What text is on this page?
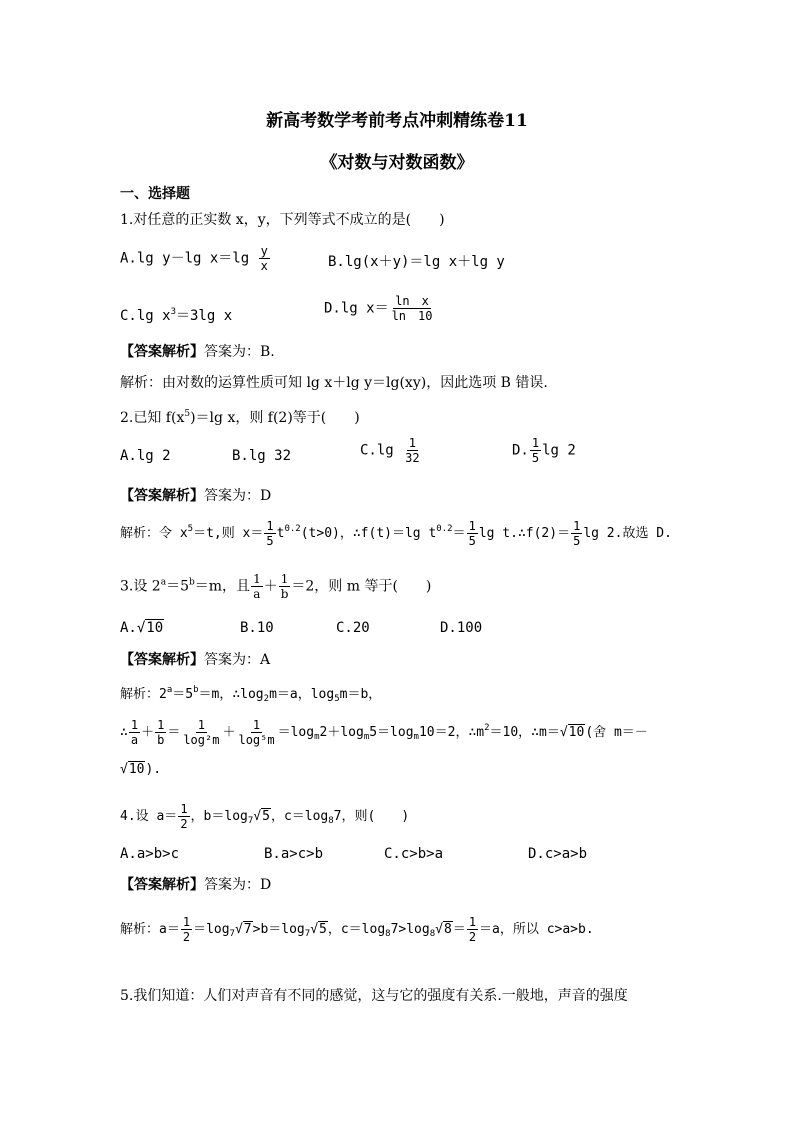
新高考数学考前考点冲刺精练卷11
《对数与对数函数》
一、选择题
1.对任意的正实数 x，y，下列等式不成立的是(　　)
A.lg y－lg $x=\lg \frac{y}{x}$	B.lg(x＋y)＝lg x＋lg y
C.lg $x^3=3\lg$ x	D.lg $x= \frac{\text{ln　x}}{\ln 10}$
【答案解析】答案为：B.
解析：由对数的运算性质可知 lg x＋lg y＝lg(xy)，因此选项 B 错误.
2.已知 $f(x^5)=\lg$ x，则 f(2)等于(　　)
A.lg 2	B.lg 32	$C.\lg \frac{1}{32}$	D. $\frac{1}{5}$ lg 2
【答案解析】答案为：D
解析：令 $x^5=t$,则 $x= \frac{1}{5} t^{0.2}(t>0)$，∴f(t)＝lg $t^{0.2}= \frac{1}{5}$ lg t.∴f(2)＝ $\frac{1}{5}$ lg 2.故选 D.
3.设 $2^a=5^b=m$，且 $\frac{1}{a} + \frac{1}{b} =2$，则 m 等于(　　)
A.√10	B.10	C.20	D.100
【答案解析】答案为：A
解析：$2^a=5^b=m$，$\therefore\log_2m=a$，$\log_5m=b$，
∴ $\frac{1}{a} + \frac{1}{b} = \frac{1}{\text{log²m}} + \frac{1}{\text{log⁵m}} =\log_m2+\log_m5=\log_m10=2$，$\therefore m^2=10$，∴m＝√10(舍 m＝－
√10).
4.设 $a= \frac{1}{2}$ ，$b=\log_7√5$，$c=\log_87$，则(　　)
A.a>b>c	B.a>c>b	C.c>b>a	D.c>a>b
【答案解析】答案为：D
解析：$a= \frac{1}{2} =\log_7√7>b=\log_7√5$，$c=\log_87>\log_8√8= \frac{1}{2} =a$，所以 c>a>b.
5.我们知道：人们对声音有不同的感觉，这与它的强度有关系.一般地，声音的强度
